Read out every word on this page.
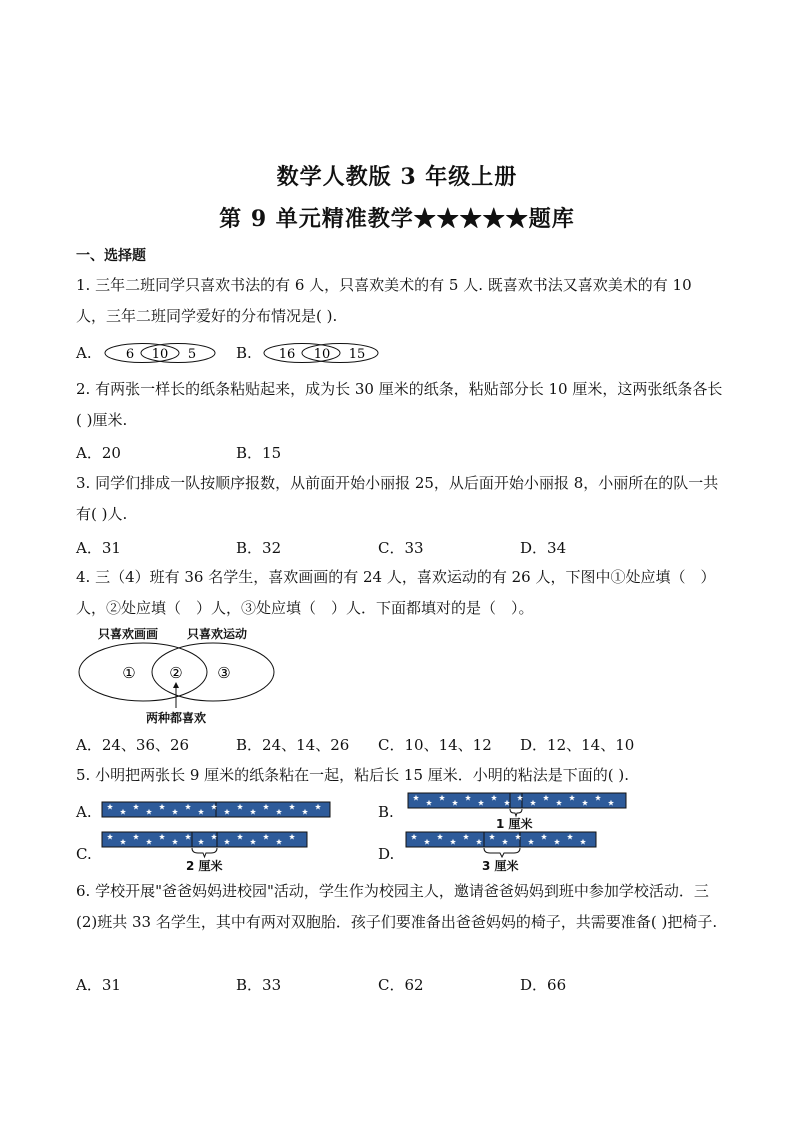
数学人教版 3 年级上册
第 9 单元精准教学★★★★★题库
一、选择题
1. 三年二班同学只喜欢书法的有 6 人，只喜欢美术的有 5 人. 既喜欢书法又喜欢美术的有 10 人，三年二班同学爱好的分布情况是( ).
A.	6 10 5	B. 16 10 15
2. 有两张一样长的纸条粘贴起来，成为长 30 厘米的纸条，粘贴部分长 10 厘米，这两张纸条各长( )厘米.
A．20	B．15
3. 同学们排成一队按顺序报数，从前面开始小丽报 25，从后面开始小丽报 8，小丽所在的队一共有( )人.
A．31	B．32	C．33	D．34
4. 三（4）班有 36 名学生，喜欢画画的有 24 人，喜欢运动的有 26 人，下图中①处应填（　）人，②处应填（　）人，③处应填（　）人．下面都填对的是（　）。
只喜欢画画 只喜欢运动
① ② ③
两种都喜欢
A．24、36、26	B．24、14、26 C．10、14、12 D．12、14、10
5. 小明把两张长 9 厘米的纸条粘在一起，粘后长 15 厘米．小明的粘法是下面的( ).
A.	B.
1 厘米
C.
2 厘米
D.
3 厘米
6. 学校开展"爸爸妈妈进校园"活动，学生作为校园主人，邀请爸爸妈妈到班中参加学校活动．三(2)班共 33 名学生，其中有两对双胞胎．孩子们要准备出爸爸妈妈的椅子，共需要准备( )把椅子.
A．31	B．33	C．62	D．66
